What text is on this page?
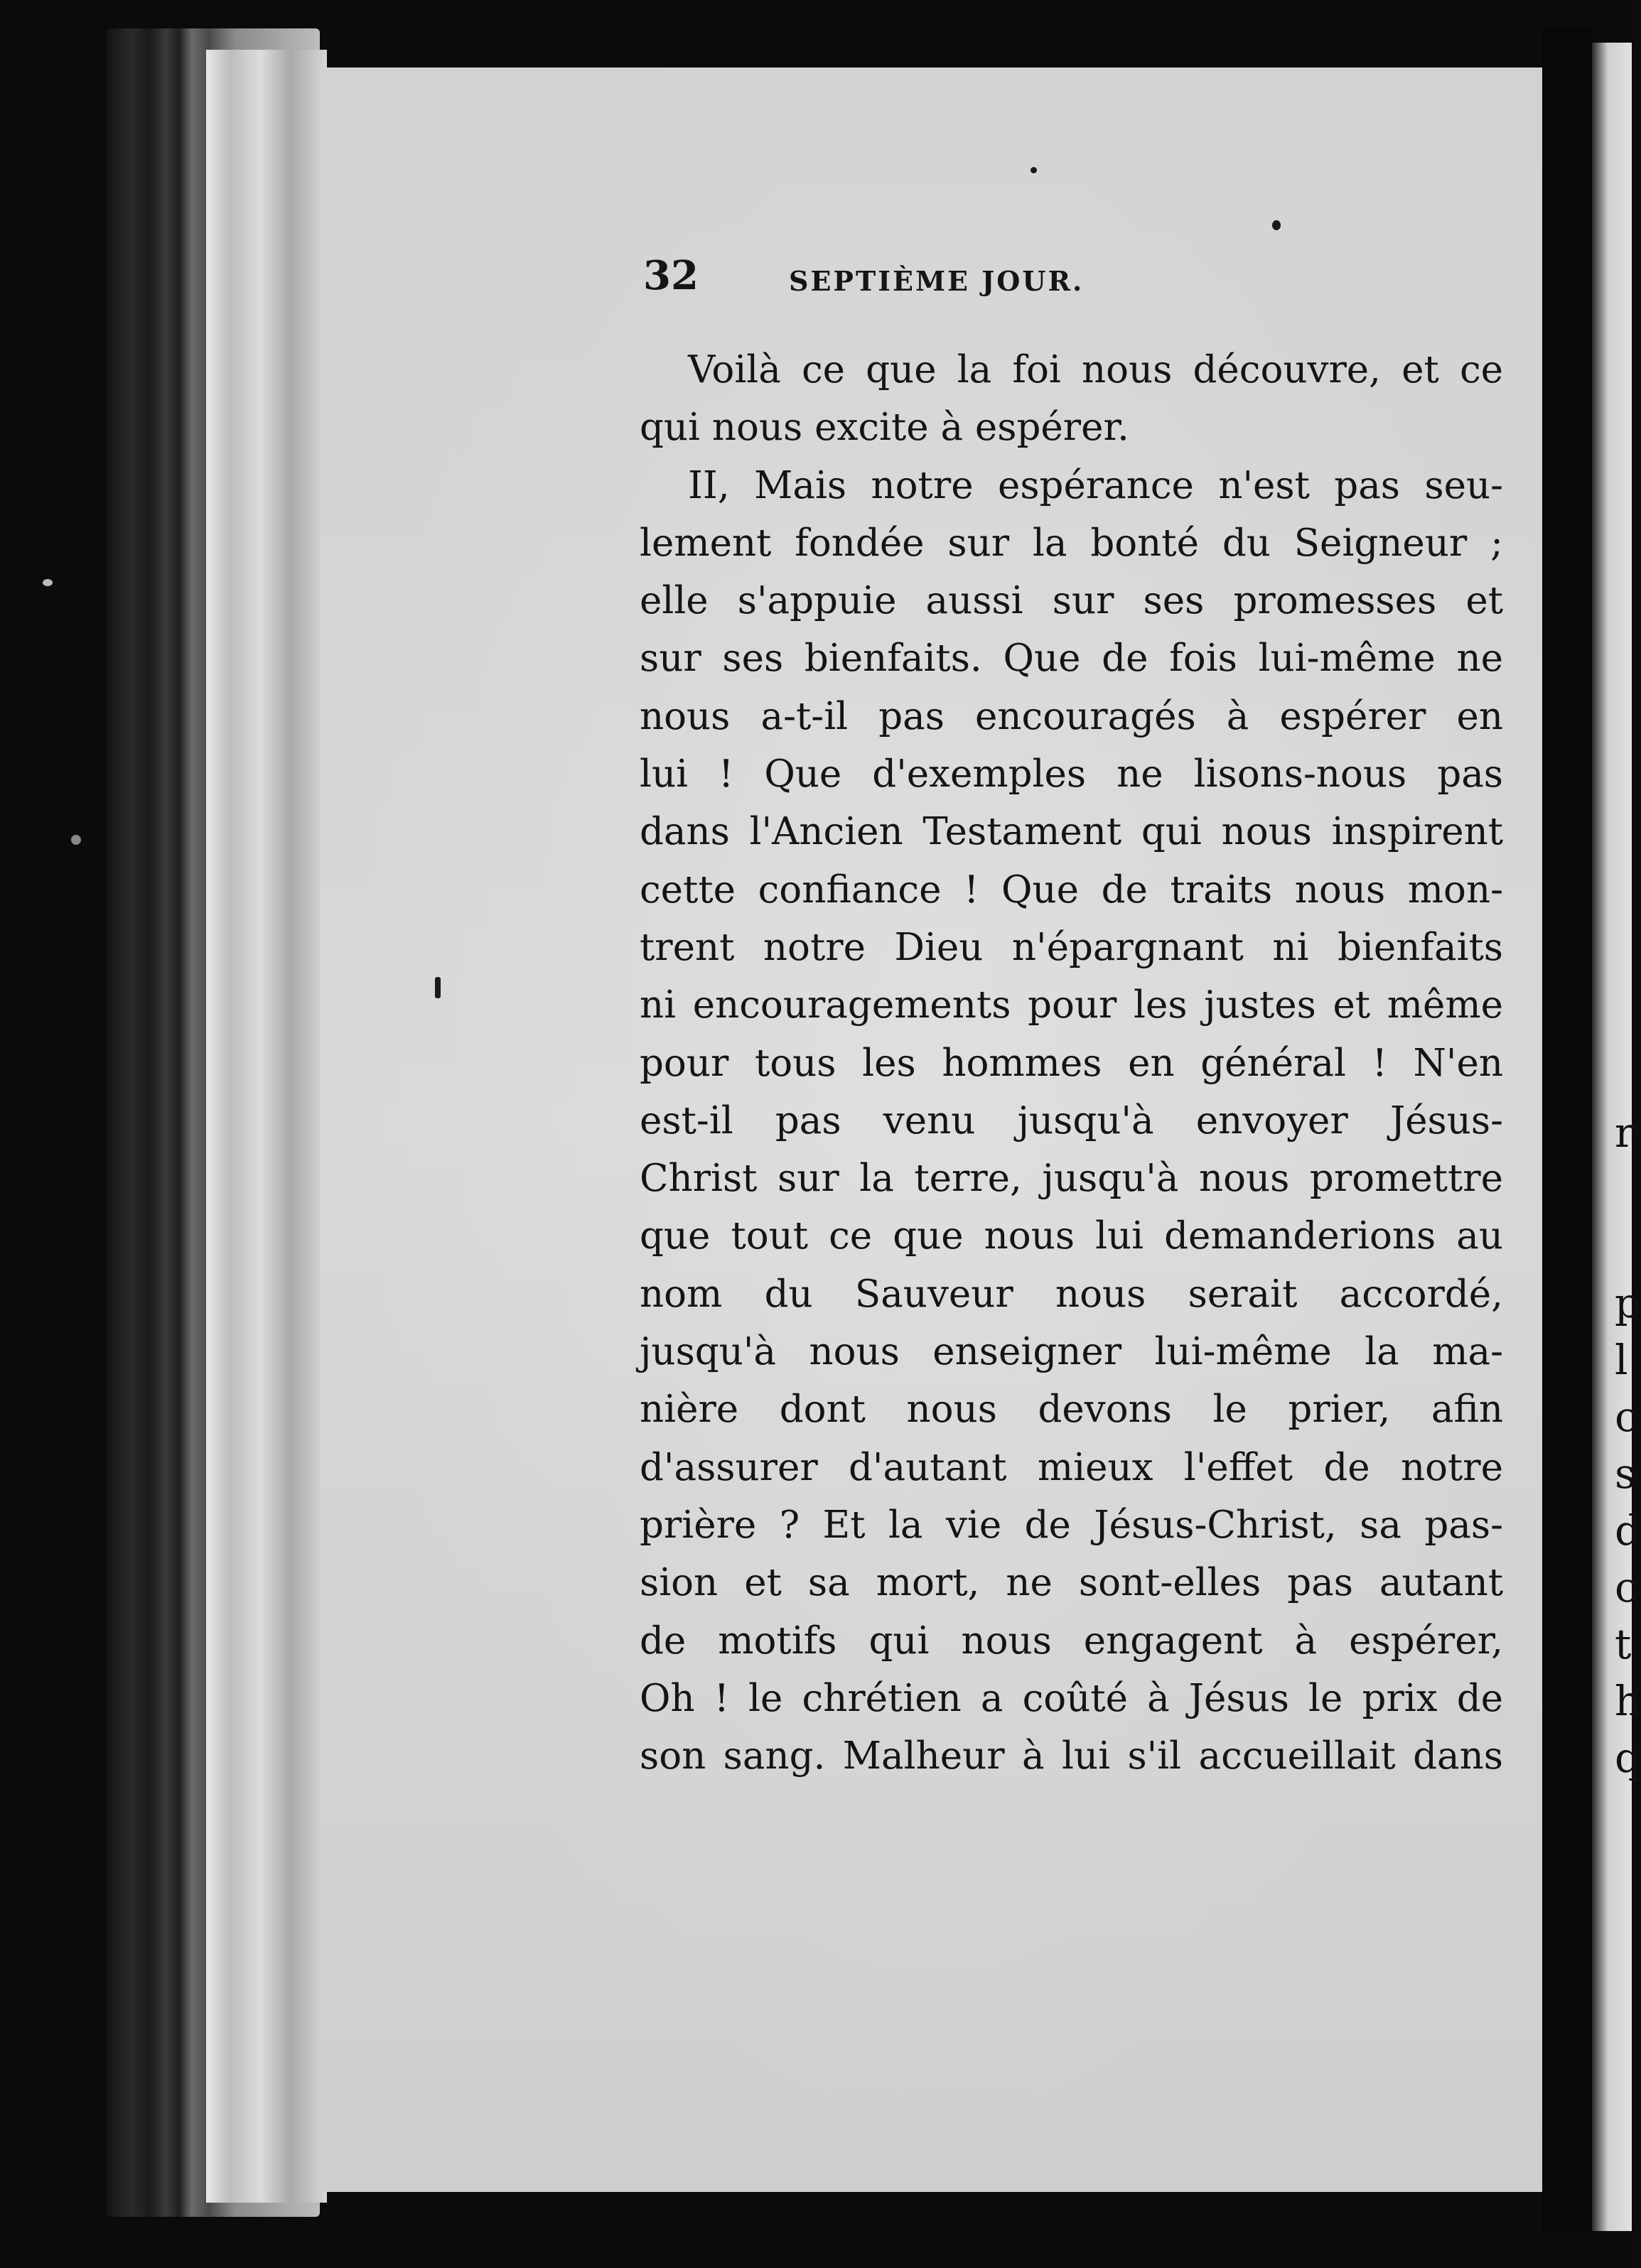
r
p
l
c
s
d
c
t
h
q
32	SEPTIÈME JOUR.
Voilà ce que la foi nous découvre, et ce
qui nous excite à espérer.
II, Mais notre espérance n'est pas seu-
lement fondée sur la bonté du Seigneur ;
elle s'appuie aussi sur ses promesses et
sur ses bienfaits. Que de fois lui-même ne
nous a-t-il pas encouragés à espérer en
lui ! Que d'exemples ne lisons-nous pas
dans l'Ancien Testament qui nous inspirent
cette confiance ! Que de traits nous mon-
trent notre Dieu n'épargnant ni bienfaits
ni encouragements pour les justes et même
pour tous les hommes en général ! N'en
est-il pas venu jusqu'à envoyer Jésus-
Christ sur la terre, jusqu'à nous promettre
que tout ce que nous lui demanderions au
nom du Sauveur nous serait accordé,
jusqu'à nous enseigner lui-même la ma-
nière dont nous devons le prier, afin
d'assurer d'autant mieux l'effet de notre
prière ? Et la vie de Jésus-Christ, sa pas-
sion et sa mort, ne sont-elles pas autant
de motifs qui nous engagent à espérer,
Oh ! le chrétien a coûté à Jésus le prix de
son sang. Malheur à lui s'il accueillait dans
